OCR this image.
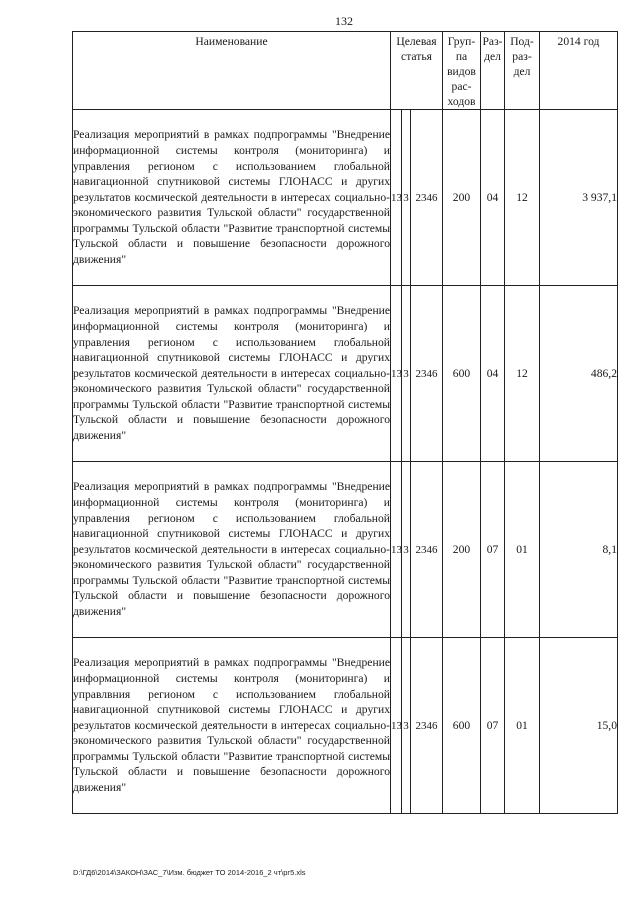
132
Наименование	Целевая статья			Груп-па видов рас-ходов	Раз-дел	Под-раз-дел	2014 год
Реализация мероприятий в рамках подпрограммы "Внедрение информационной системы контроля (мониторинга) и управления регионом с использованием глобальной навигационной спутниковой системы ГЛОНАСС и других результатов космической деятельности в интересах социально-экономического развития Тульской области" государственной программы Тульской области "Развитие транспортной системы Тульской области и повышение безопасности дорожного движения"	13	3	2346	200	04	12	3 937,1
Реализация мероприятий в рамках подпрограммы "Внедрение информационной системы контроля (мониторинга) и управления регионом с использованием глобальной навигационной спутниковой системы ГЛОНАСС и других результатов космической деятельности в интересах социально-экономического развития Тульской области" государственной программы Тульской области "Развитие транспортной системы Тульской области и повышение безопасности дорожного движения"	13	3	2346	600	04	12	486,2
Реализация мероприятий в рамках подпрограммы "Внедрение информационной системы контроля (мониторинга) и управления регионом с использованием глобальной навигационной спутниковой системы ГЛОНАСС и других результатов космической деятельности в интересах социально-экономического развития Тульской области" государственной программы Тульской области "Развитие транспортной системы Тульской области и повышение безопасности дорожного движения"	13	3	2346	200	07	01	8,1
Реализация мероприятий в рамках подпрограммы "Внедрение информационной системы контроля (мониторинга) и управлвния регионом с использованием глобальной навигационной спутниковой системы ГЛОНАСС и других результатов космической деятельности в интересах социально-экономического развития Тульской области" государственной программы Тульской области "Развитие транспортной системы Тульской области и повышение безопасности дорожного движения"	13	3	2346	600	07	01	15,0
D:\ГД6\2014\ЗАКОН\ЗАС_7\Изм. бюджет ТО 2014-2016_2 чт\рг5.xls
